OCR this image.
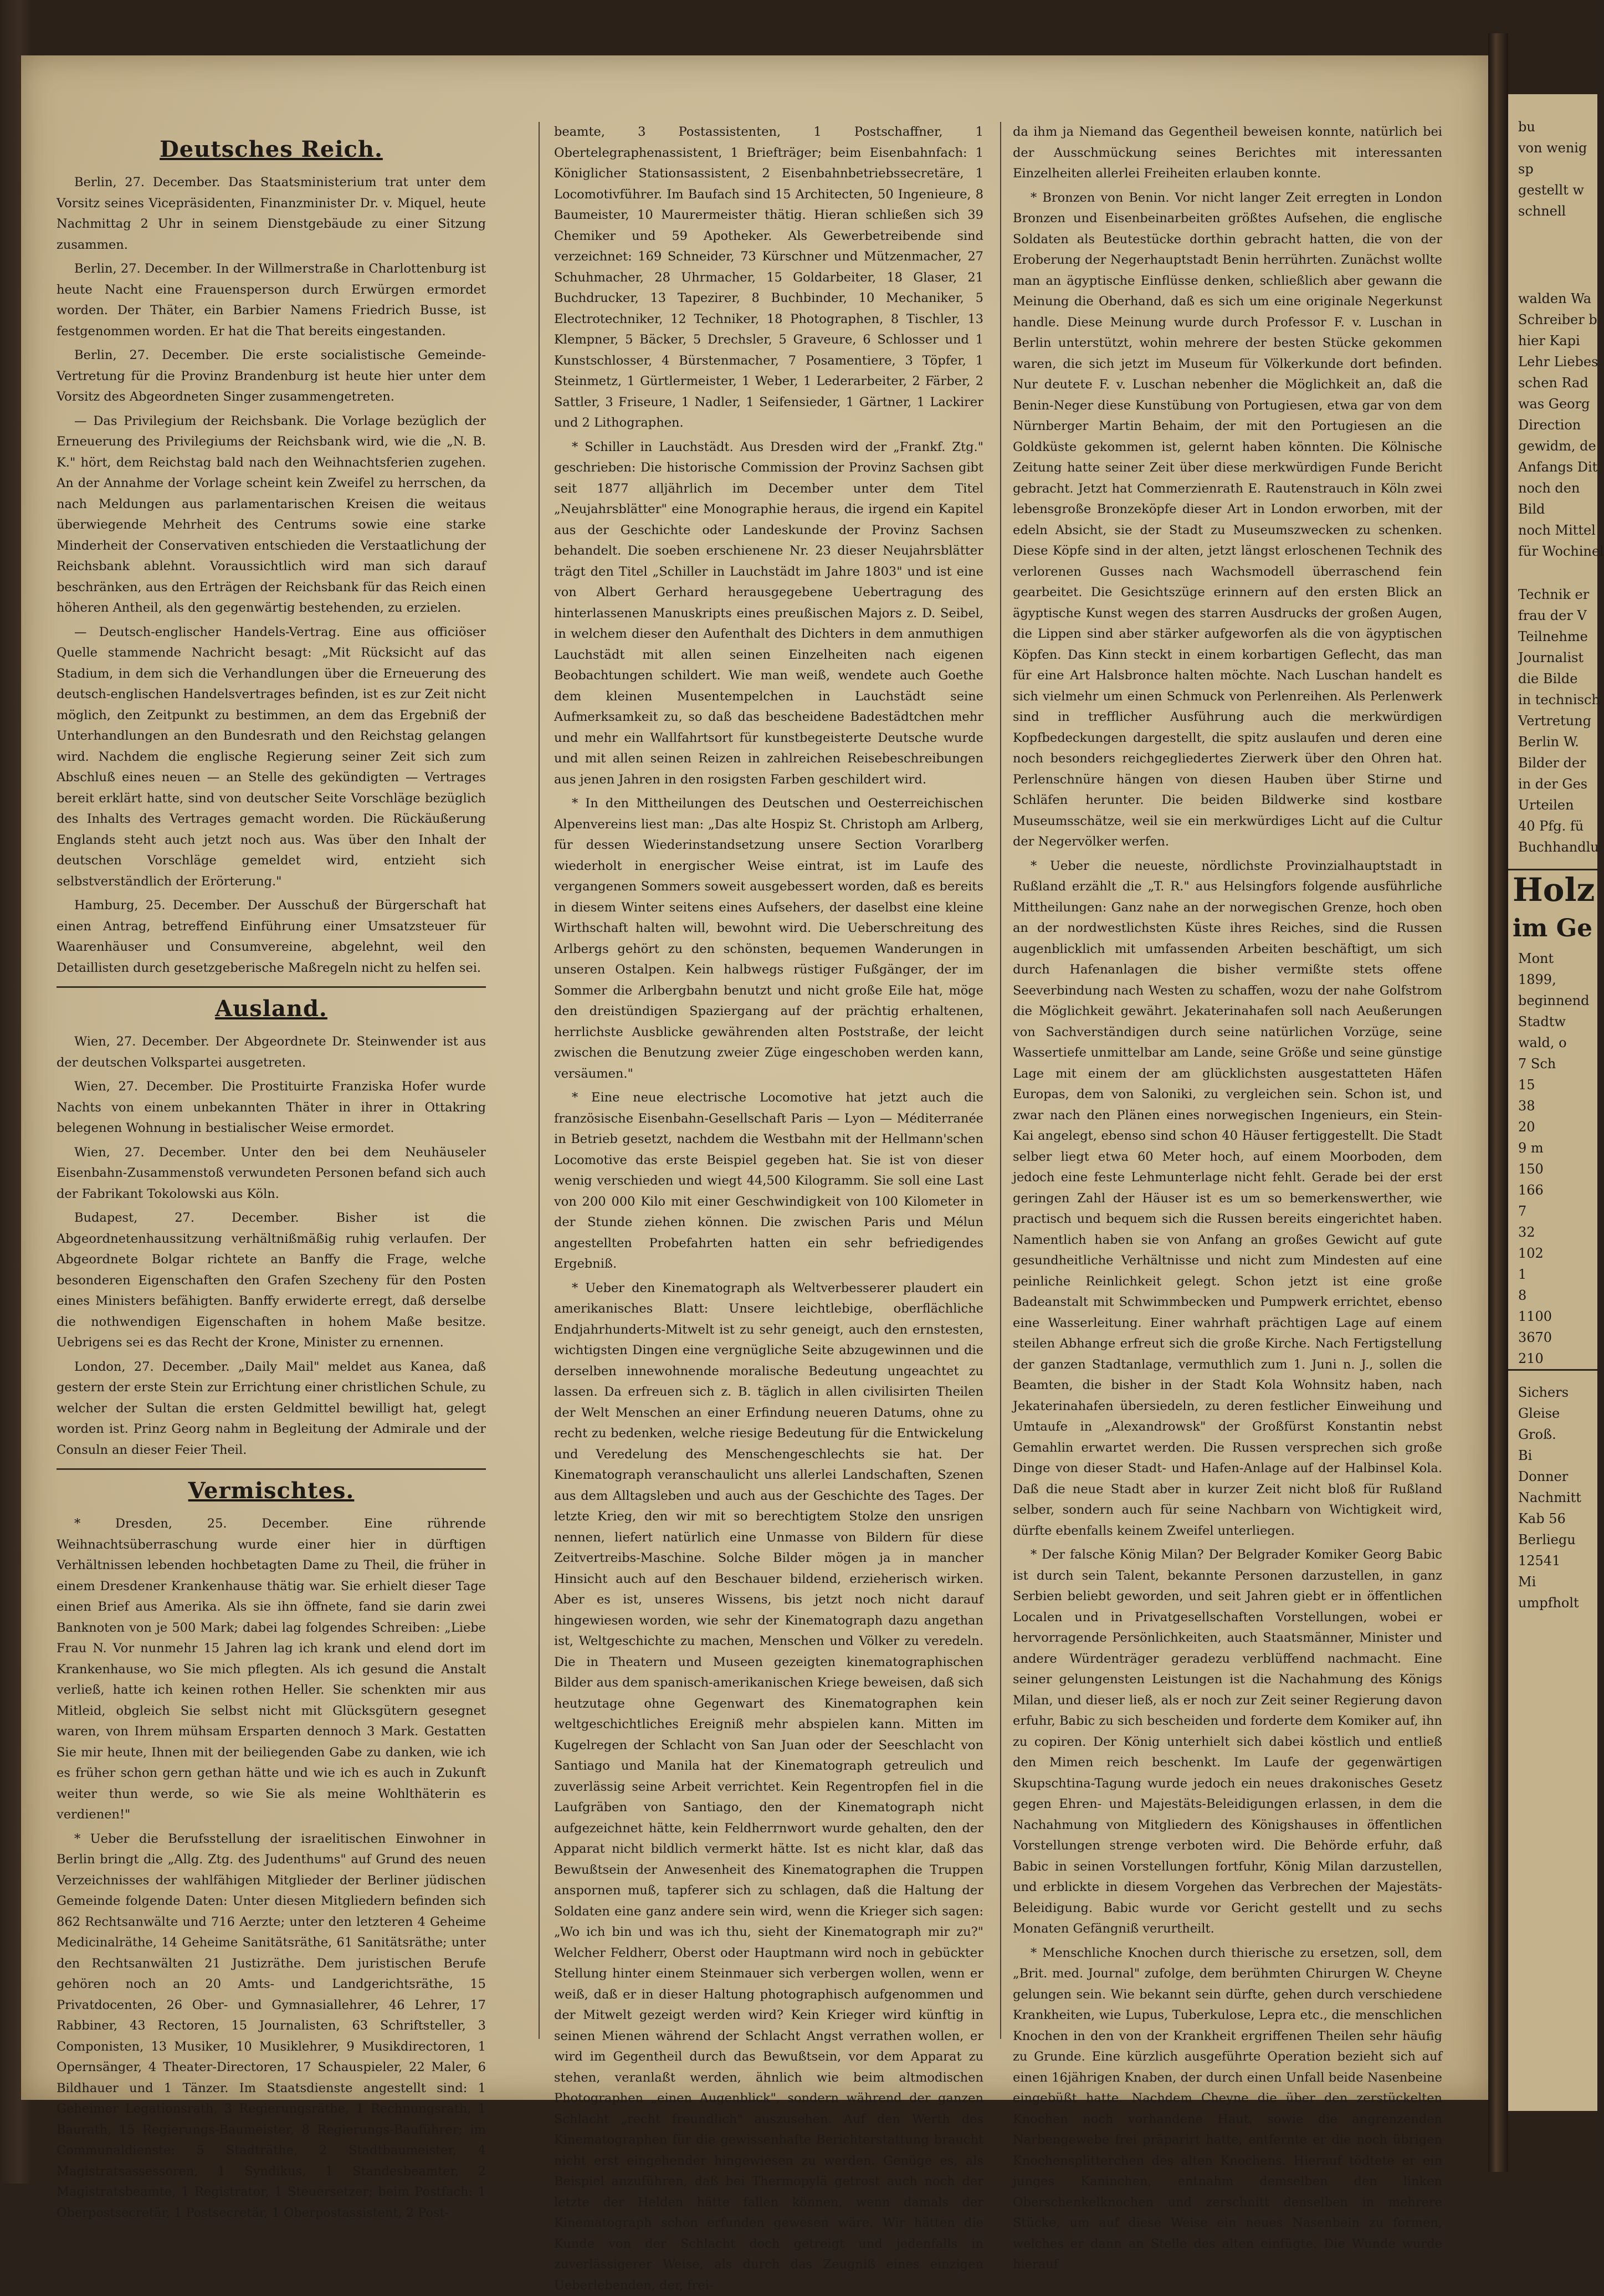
Deutsches Reich.

Berlin, 27. December. Das Staatsministerium trat unter dem Vorsitz seines Vicepräsidenten, Finanzminister Dr. v. Miquel, heute Nachmittag 2 Uhr in seinem Dienstgebäude zu einer Sitzung zusammen.

Berlin, 27. December. In der Willmerstraße in Charlottenburg ist heute Nacht eine Frauensperson durch Erwürgen ermordet worden. Der Thäter, ein Barbier Namens Friedrich Busse, ist festgenommen worden. Er hat die That bereits eingestanden.

Berlin, 27. December. Die erste socialistische Gemeinde-Vertretung für die Provinz Brandenburg ist heute hier unter dem Vorsitz des Abgeordneten Singer zusammengetreten.

— Das Privilegium der Reichsbank. Die Vorlage bezüglich der Erneuerung des Privilegiums der Reichsbank wird, wie die „N. B. K." hört, dem Reichstag bald nach den Weihnachtsferien zugehen. An der Annahme der Vorlage scheint kein Zweifel zu herrschen, da nach Meldungen aus parlamentarischen Kreisen die weitaus überwiegende Mehrheit des Centrums sowie eine starke Minderheit der Conservativen entschieden die Verstaatlichung der Reichsbank ablehnt. Voraussichtlich wird man sich darauf beschränken, aus den Erträgen der Reichsbank für das Reich einen höheren Antheil, als den gegenwärtig bestehenden, zu erzielen.

— Deutsch-englischer Handels-Vertrag. Eine aus officiöser Quelle stammende Nachricht besagt: „Mit Rücksicht auf das Stadium, in dem sich die Verhandlungen über die Erneuerung des deutsch-englischen Handelsvertrages befinden, ist es zur Zeit nicht möglich, den Zeitpunkt zu bestimmen, an dem das Ergebniß der Unterhandlungen an den Bundesrath und den Reichstag gelangen wird. Nachdem die englische Regierung seiner Zeit sich zum Abschluß eines neuen — an Stelle des gekündigten — Vertrages bereit erklärt hatte, sind von deutscher Seite Vorschläge bezüglich des Inhalts des Vertrages gemacht worden. Die Rückäußerung Englands steht auch jetzt noch aus. Was über den Inhalt der deutschen Vorschläge gemeldet wird, entzieht sich selbstverständlich der Erörterung."

Hamburg, 25. December. Der Ausschuß der Bürgerschaft hat einen Antrag, betreffend Einführung einer Umsatzsteuer für Waarenhäuser und Consumvereine, abgelehnt, weil den Detaillisten durch gesetzgeberische Maßregeln nicht zu helfen sei.

Ausland.

Wien, 27. December. Der Abgeordnete Dr. Steinwender ist aus der deutschen Volkspartei ausgetreten.

Wien, 27. December. Die Prostituirte Franziska Hofer wurde Nachts von einem unbekannten Thäter in ihrer in Ottakring belegenen Wohnung in bestialischer Weise ermordet.

Wien, 27. December. Unter den bei dem Neuhäuseler Eisenbahn-Zusammenstoß verwundeten Personen befand sich auch der Fabrikant Tokolowski aus Köln.

Budapest, 27. December. Bisher ist die Abgeordnetenhaussitzung verhältnißmäßig ruhig verlaufen. Der Abgeordnete Bolgar richtete an Banffy die Frage, welche besonderen Eigenschaften den Grafen Szecheny für den Posten eines Ministers befähigten. Banffy erwiderte erregt, daß derselbe die nothwendigen Eigenschaften in hohem Maße besitze. Uebrigens sei es das Recht der Krone, Minister zu ernennen.

London, 27. December. „Daily Mail" meldet aus Kanea, daß gestern der erste Stein zur Errichtung einer christlichen Schule, zu welcher der Sultan die ersten Geldmittel bewilligt hat, gelegt worden ist. Prinz Georg nahm in Begleitung der Admirale und der Consuln an dieser Feier Theil.

Vermischtes.

* Dresden, 25. December. Eine rührende Weihnachtsüberraschung wurde einer hier in dürftigen Verhältnissen lebenden hochbetagten Dame zu Theil, die früher in einem Dresdener Krankenhause thätig war. Sie erhielt dieser Tage einen Brief aus Amerika. Als sie ihn öffnete, fand sie darin zwei Banknoten von je 500 Mark; dabei lag folgendes Schreiben: „Liebe Frau N. Vor nunmehr 15 Jahren lag ich krank und elend dort im Krankenhause, wo Sie mich pflegten. Als ich gesund die Anstalt verließ, hatte ich keinen rothen Heller. Sie schenkten mir aus Mitleid, obgleich Sie selbst nicht mit Glücksgütern gesegnet waren, von Ihrem mühsam Ersparten dennoch 3 Mark. Gestatten Sie mir heute, Ihnen mit der beiliegenden Gabe zu danken, wie ich es früher schon gern gethan hätte und wie ich es auch in Zukunft weiter thun werde, so wie Sie als meine Wohlthäterin es verdienen!"

* Ueber die Berufsstellung der israelitischen Einwohner in Berlin bringt die „Allg. Ztg. des Judenthums" auf Grund des neuen Verzeichnisses der wahlfähigen Mitglieder der Berliner jüdischen Gemeinde folgende Daten: Unter diesen Mitgliedern befinden sich 862 Rechtsanwälte und 716 Aerzte; unter den letzteren 4 Geheime Medicinalräthe, 14 Geheime Sanitätsräthe, 61 Sanitätsräthe; unter den Rechtsanwälten 21 Justizräthe. Dem juristischen Berufe gehören noch an 20 Amts- und Landgerichtsräthe, 15 Privatdocenten, 26 Ober- und Gymnasiallehrer, 46 Lehrer, 17 Rabbiner, 43 Rectoren, 15 Journalisten, 63 Schriftsteller, 3 Componisten, 13 Musiker, 10 Musiklehrer, 9 Musikdirectoren, 1 Opernsänger, 4 Theater-Directoren, 17 Schauspieler, 22 Maler, 6 Bildhauer und 1 Tänzer. Im Staatsdienste angestellt sind: 1 Geheimer Legationsrath, 3 Regierungsräthe, 1 Rechnungsrath, 1 Baurath, 15 Regierungs-Baumeister, 8 Regierungs-Bauführer; im Communaldienste: 5 Stadträthe, 2 Stadtbaumeister, 4 Magistratsassessoren, 1 Syndikus, 1 Standesbeamter, 2 Magistratsbeamte, 1 Registrator, 1 Steuersetzer; beim Postfach: 1 Oberpostsecretär, 1 Postsecretär, 1 Oberpostassistent, 2 Post-

beamte, 3 Postassistenten, 1 Postschaffner, 1 Obertelegraphenassistent, 1 Briefträger; beim Eisenbahnfach: 1 Königlicher Stationsassistent, 2 Eisenbahnbetriebssecretäre, 1 Locomotivführer. Im Baufach sind 15 Architecten, 50 Ingenieure, 8 Baumeister, 10 Maurermeister thätig. Hieran schließen sich 39 Chemiker und 59 Apotheker. Als Gewerbetreibende sind verzeichnet: 169 Schneider, 73 Kürschner und Mützenmacher, 27 Schuhmacher, 28 Uhrmacher, 15 Goldarbeiter, 18 Glaser, 21 Buchdrucker, 13 Tapezirer, 8 Buchbinder, 10 Mechaniker, 5 Electrotechniker, 12 Techniker, 18 Photographen, 8 Tischler, 13 Klempner, 5 Bäcker, 5 Drechsler, 5 Graveure, 6 Schlosser und 1 Kunstschlosser, 4 Bürstenmacher, 7 Posamentiere, 3 Töpfer, 1 Steinmetz, 1 Gürtlermeister, 1 Weber, 1 Lederarbeiter, 2 Färber, 2 Sattler, 3 Friseure, 1 Nadler, 1 Seifensieder, 1 Gärtner, 1 Lackirer und 2 Lithographen.

* Schiller in Lauchstädt. Aus Dresden wird der „Frankf. Ztg." geschrieben: Die historische Commission der Provinz Sachsen gibt seit 1877 alljährlich im December unter dem Titel „Neujahrsblätter" eine Monographie heraus, die irgend ein Kapitel aus der Geschichte oder Landeskunde der Provinz Sachsen behandelt. Die soeben erschienene Nr. 23 dieser Neujahrsblätter trägt den Titel „Schiller in Lauchstädt im Jahre 1803" und ist eine von Albert Gerhard herausgegebene Uebertragung des hinterlassenen Manuskripts eines preußischen Majors z. D. Seibel, in welchem dieser den Aufenthalt des Dichters in dem anmuthigen Lauchstädt mit allen seinen Einzelheiten nach eigenen Beobachtungen schildert. Wie man weiß, wendete auch Goethe dem kleinen Musentempelchen in Lauchstädt seine Aufmerksamkeit zu, so daß das bescheidene Badestädtchen mehr und mehr ein Wallfahrtsort für kunstbegeisterte Deutsche wurde und mit allen seinen Reizen in zahlreichen Reisebeschreibungen aus jenen Jahren in den rosigsten Farben geschildert wird.

* In den Mittheilungen des Deutschen und Oesterreichischen Alpenvereins liest man: „Das alte Hospiz St. Christoph am Arlberg, für dessen Wiederinstandsetzung unsere Section Vorarlberg wiederholt in energischer Weise eintrat, ist im Laufe des vergangenen Sommers soweit ausgebessert worden, daß es bereits in diesem Winter seitens eines Aufsehers, der daselbst eine kleine Wirthschaft halten will, bewohnt wird. Die Ueberschreitung des Arlbergs gehört zu den schönsten, bequemen Wanderungen in unseren Ostalpen. Kein halbwegs rüstiger Fußgänger, der im Sommer die Arlbergbahn benutzt und nicht große Eile hat, möge den dreistündigen Spaziergang auf der prächtig erhaltenen, herrlichste Ausblicke gewährenden alten Poststraße, der leicht zwischen die Benutzung zweier Züge eingeschoben werden kann, versäumen."

* Eine neue electrische Locomotive hat jetzt auch die französische Eisenbahn-Gesellschaft Paris — Lyon — Méditerranée in Betrieb gesetzt, nachdem die Westbahn mit der Hellmann'schen Locomotive das erste Beispiel gegeben hat. Sie ist von dieser wenig verschieden und wiegt 44,500 Kilogramm. Sie soll eine Last von 200 000 Kilo mit einer Geschwindigkeit von 100 Kilometer in der Stunde ziehen können. Die zwischen Paris und Mélun angestellten Probefahrten hatten ein sehr befriedigendes Ergebniß.

* Ueber den Kinematograph als Weltverbesserer plaudert ein amerikanisches Blatt: Unsere leichtlebige, oberflächliche Endjahrhunderts-Mitwelt ist zu sehr geneigt, auch den ernstesten, wichtigsten Dingen eine vergnügliche Seite abzugewinnen und die derselben innewohnende moralische Bedeutung ungeachtet zu lassen. Da erfreuen sich z. B. täglich in allen civilisirten Theilen der Welt Menschen an einer Erfindung neueren Datums, ohne zu recht zu bedenken, welche riesige Bedeutung für die Entwickelung und Veredelung des Menschengeschlechts sie hat. Der Kinematograph veranschaulicht uns allerlei Landschaften, Szenen aus dem Alltagsleben und auch aus der Geschichte des Tages. Der letzte Krieg, den wir mit so berechtigtem Stolze den unsrigen nennen, liefert natürlich eine Unmasse von Bildern für diese Zeitvertreibs-Maschine. Solche Bilder mögen ja in mancher Hinsicht auch auf den Beschauer bildend, erzieherisch wirken. Aber es ist, unseres Wissens, bis jetzt noch nicht darauf hingewiesen worden, wie sehr der Kinematograph dazu angethan ist, Weltgeschichte zu machen, Menschen und Völker zu veredeln. Die in Theatern und Museen gezeigten kinematographischen Bilder aus dem spanisch-amerikanischen Kriege beweisen, daß sich heutzutage ohne Gegenwart des Kinematographen kein weltgeschichtliches Ereigniß mehr abspielen kann. Mitten im Kugelregen der Schlacht von San Juan oder der Seeschlacht von Santiago und Manila hat der Kinematograph getreulich und zuverlässig seine Arbeit verrichtet. Kein Regentropfen fiel in die Laufgräben von Santiago, den der Kinematograph nicht aufgezeichnet hätte, kein Feldherrnwort wurde gehalten, den der Apparat nicht bildlich vermerkt hätte. Ist es nicht klar, daß das Bewußtsein der Anwesenheit des Kinematographen die Truppen anspornen muß, tapferer sich zu schlagen, daß die Haltung der Soldaten eine ganz andere sein wird, wenn die Krieger sich sagen: „Wo ich bin und was ich thu, sieht der Kinematograph mir zu?" Welcher Feldherr, Oberst oder Hauptmann wird noch in gebückter Stellung hinter einem Steinmauer sich verbergen wollen, wenn er weiß, daß er in dieser Haltung photographisch aufgenommen und der Mitwelt gezeigt werden wird? Kein Krieger wird künftig in seinen Mienen während der Schlacht Angst verrathen wollen, er wird im Gegentheil durch das Bewußtsein, vor dem Apparat zu stehen, veranlaßt werden, ähnlich wie beim altmodischen Photographen „einen Augenblick", sondern während der ganzen Schlacht „recht freundlich" auszusehen. Auf den Werth des Kinematographen für die gewissenhafte Berichterstattung braucht nicht erst eingehender hingewiesen zu werden. Genüge es, als Beispiel anzuführen, daß bei Thermopylä getrost auch noch der letzte der Helden hätte fallen können, wenn damals der Kinematograph schon erfunden gewesen wäre. Wir hätten die Kunde von der Schlacht doch getreigt und jedenfalls in zuverlässigerer Weise, als durch das Zeugniß eines einzigen Ueberlebenden, der, frei-

da ihm ja Niemand das Gegentheil beweisen konnte, natürlich bei der Ausschmückung seines Berichtes mit interessanten Einzelheiten allerlei Freiheiten erlauben konnte.

* Bronzen von Benin. Vor nicht langer Zeit erregten in London Bronzen und Eisenbeinarbeiten größtes Aufsehen, die englische Soldaten als Beutestücke dorthin gebracht hatten, die von der Eroberung der Negerhauptstadt Benin herrührten. Zunächst wollte man an ägyptische Einflüsse denken, schließlich aber gewann die Meinung die Oberhand, daß es sich um eine originale Negerkunst handle. Diese Meinung wurde durch Professor F. v. Luschan in Berlin unterstützt, wohin mehrere der besten Stücke gekommen waren, die sich jetzt im Museum für Völkerkunde dort befinden. Nur deutete F. v. Luschan nebenher die Möglichkeit an, daß die Benin-Neger diese Kunstübung von Portugiesen, etwa gar von dem Nürnberger Martin Behaim, der mit den Portugiesen an die Goldküste gekommen ist, gelernt haben könnten. Die Kölnische Zeitung hatte seiner Zeit über diese merkwürdigen Funde Bericht gebracht. Jetzt hat Commerzienrath E. Rautenstrauch in Köln zwei lebensgroße Bronzeköpfe dieser Art in London erworben, mit der edeln Absicht, sie der Stadt zu Museumszwecken zu schenken. Diese Köpfe sind in der alten, jetzt längst erloschenen Technik des verlorenen Gusses nach Wachsmodell überraschend fein gearbeitet. Die Gesichtszüge erinnern auf den ersten Blick an ägyptische Kunst wegen des starren Ausdrucks der großen Augen, die Lippen sind aber stärker aufgeworfen als die von ägyptischen Köpfen. Das Kinn steckt in einem korbartigen Geflecht, das man für eine Art Halsbronce halten möchte. Nach Luschan handelt es sich vielmehr um einen Schmuck von Perlenreihen. Als Perlenwerk sind in trefflicher Ausführung auch die merkwürdigen Kopfbedeckungen dargestellt, die spitz auslaufen und deren eine noch besonders reichgegliedertes Zierwerk über den Ohren hat. Perlenschnüre hängen von diesen Hauben über Stirne und Schläfen herunter. Die beiden Bildwerke sind kostbare Museumsschätze, weil sie ein merkwürdiges Licht auf die Cultur der Negervölker werfen.

* Ueber die neueste, nördlichste Provinzialhauptstadt in Rußland erzählt die „T. R." aus Helsingfors folgende ausführliche Mittheilungen: Ganz nahe an der norwegischen Grenze, hoch oben an der nordwestlichsten Küste ihres Reiches, sind die Russen augenblicklich mit umfassenden Arbeiten beschäftigt, um sich durch Hafenanlagen die bisher vermißte stets offene Seeverbindung nach Westen zu schaffen, wozu der nahe Golfstrom die Möglichkeit gewährt. Jekaterinahafen soll nach Aeußerungen von Sachverständigen durch seine natürlichen Vorzüge, seine Wassertiefe unmittelbar am Lande, seine Größe und seine günstige Lage mit einem der am glücklichsten ausgestatteten Häfen Europas, dem von Saloniki, zu vergleichen sein. Schon ist, und zwar nach den Plänen eines norwegischen Ingenieurs, ein Stein-Kai angelegt, ebenso sind schon 40 Häuser fertiggestellt. Die Stadt selber liegt etwa 60 Meter hoch, auf einem Moorboden, dem jedoch eine feste Lehmunterlage nicht fehlt. Gerade bei der erst geringen Zahl der Häuser ist es um so bemerkenswerther, wie practisch und bequem sich die Russen bereits eingerichtet haben. Namentlich haben sie von Anfang an großes Gewicht auf gute gesundheitliche Verhältnisse und nicht zum Mindesten auf eine peinliche Reinlichkeit gelegt. Schon jetzt ist eine große Badeanstalt mit Schwimmbecken und Pumpwerk errichtet, ebenso eine Wasserleitung. Einer wahrhaft prächtigen Lage auf einem steilen Abhange erfreut sich die große Kirche. Nach Fertigstellung der ganzen Stadtanlage, vermuthlich zum 1. Juni n. J., sollen die Beamten, die bisher in der Stadt Kola Wohnsitz haben, nach Jekaterinahafen übersiedeln, zu deren festlicher Einweihung und Umtaufe in „Alexandrowsk" der Großfürst Konstantin nebst Gemahlin erwartet werden. Die Russen versprechen sich große Dinge von dieser Stadt- und Hafen-Anlage auf der Halbinsel Kola. Daß die neue Stadt aber in kurzer Zeit nicht bloß für Rußland selber, sondern auch für seine Nachbarn von Wichtigkeit wird, dürfte ebenfalls keinem Zweifel unterliegen.

* Der falsche König Milan? Der Belgrader Komiker Georg Babic ist durch sein Talent, bekannte Personen darzustellen, in ganz Serbien beliebt geworden, und seit Jahren giebt er in öffentlichen Localen und in Privatgesellschaften Vorstellungen, wobei er hervorragende Persönlichkeiten, auch Staatsmänner, Minister und andere Würdenträger geradezu verblüffend nachmacht. Eine seiner gelungensten Leistungen ist die Nachahmung des Königs Milan, und dieser ließ, als er noch zur Zeit seiner Regierung davon erfuhr, Babic zu sich bescheiden und forderte dem Komiker auf, ihn zu copiren. Der König unterhielt sich dabei köstlich und entließ den Mimen reich beschenkt. Im Laufe der gegenwärtigen Skupschtina-Tagung wurde jedoch ein neues drakonisches Gesetz gegen Ehren- und Majestäts-Beleidigungen erlassen, in dem die Nachahmung von Mitgliedern des Königshauses in öffentlichen Vorstellungen strenge verboten wird. Die Behörde erfuhr, daß Babic in seinen Vorstellungen fortfuhr, König Milan darzustellen, und erblickte in diesem Vorgehen das Verbrechen der Majestäts-Beleidigung. Babic wurde vor Gericht gestellt und zu sechs Monaten Gefängniß verurtheilt.

* Menschliche Knochen durch thierische zu ersetzen, soll, dem „Brit. med. Journal" zufolge, dem berühmten Chirurgen W. Cheyne gelungen sein. Wie bekannt sein dürfte, gehen durch verschiedene Krankheiten, wie Lupus, Tuberkulose, Lepra etc., die menschlichen Knochen in den von der Krankheit ergriffenen Theilen sehr häufig zu Grunde. Eine kürzlich ausgeführte Operation bezieht sich auf einen 16jährigen Knaben, der durch einen Unfall beide Nasenbeine eingebüßt hatte. Nachdem Cheyne die über den zerstückelten Knochen noch vorhandene Haut, sowie die angrenzenden Narbengewebe frei präparirt hatte, entfernte er die noch übrigen Knochensplitterchen des alten Knochens. Hierauf tödtete er ein junges Kaninchen, entnahm demselben den linken Oberschenkelknochen und zerschnitt denselben in mehrere Stücke, um auf diese Weise ein neues Nasenbein zu formen, welches er dann an Stelle des alten einfügte. Die Wunde wurde hierauf

bu
von wenig
sp
gestellt w
schnell
walden Wa
Schreiber b
hier Kapi
Lehr Liebes
schen Rad
was Georg
Direction
gewidm, de
Anfangs Dit
noch den
Bild
noch Mittel
für Wochinel
Technik er
frau der V
Teilnehme
Journalist
die Bilde
in technisch
Vertretung
Berlin W.
Bilder der
in der Ges
Urteilen
40 Pfg. fü
Buchhandlu
Holz
im Ge
Mont
1899,
beginnend
Stadtw
wald, o
7 Sch
15
38
20
9 m
150
166
7
32
102
1
8
1100
3670
210
Sichers
Gleise
Groß.
Bi
Donner
Nachmitt
Kab 56
Berliegu
12541
Mi
umpfholt
